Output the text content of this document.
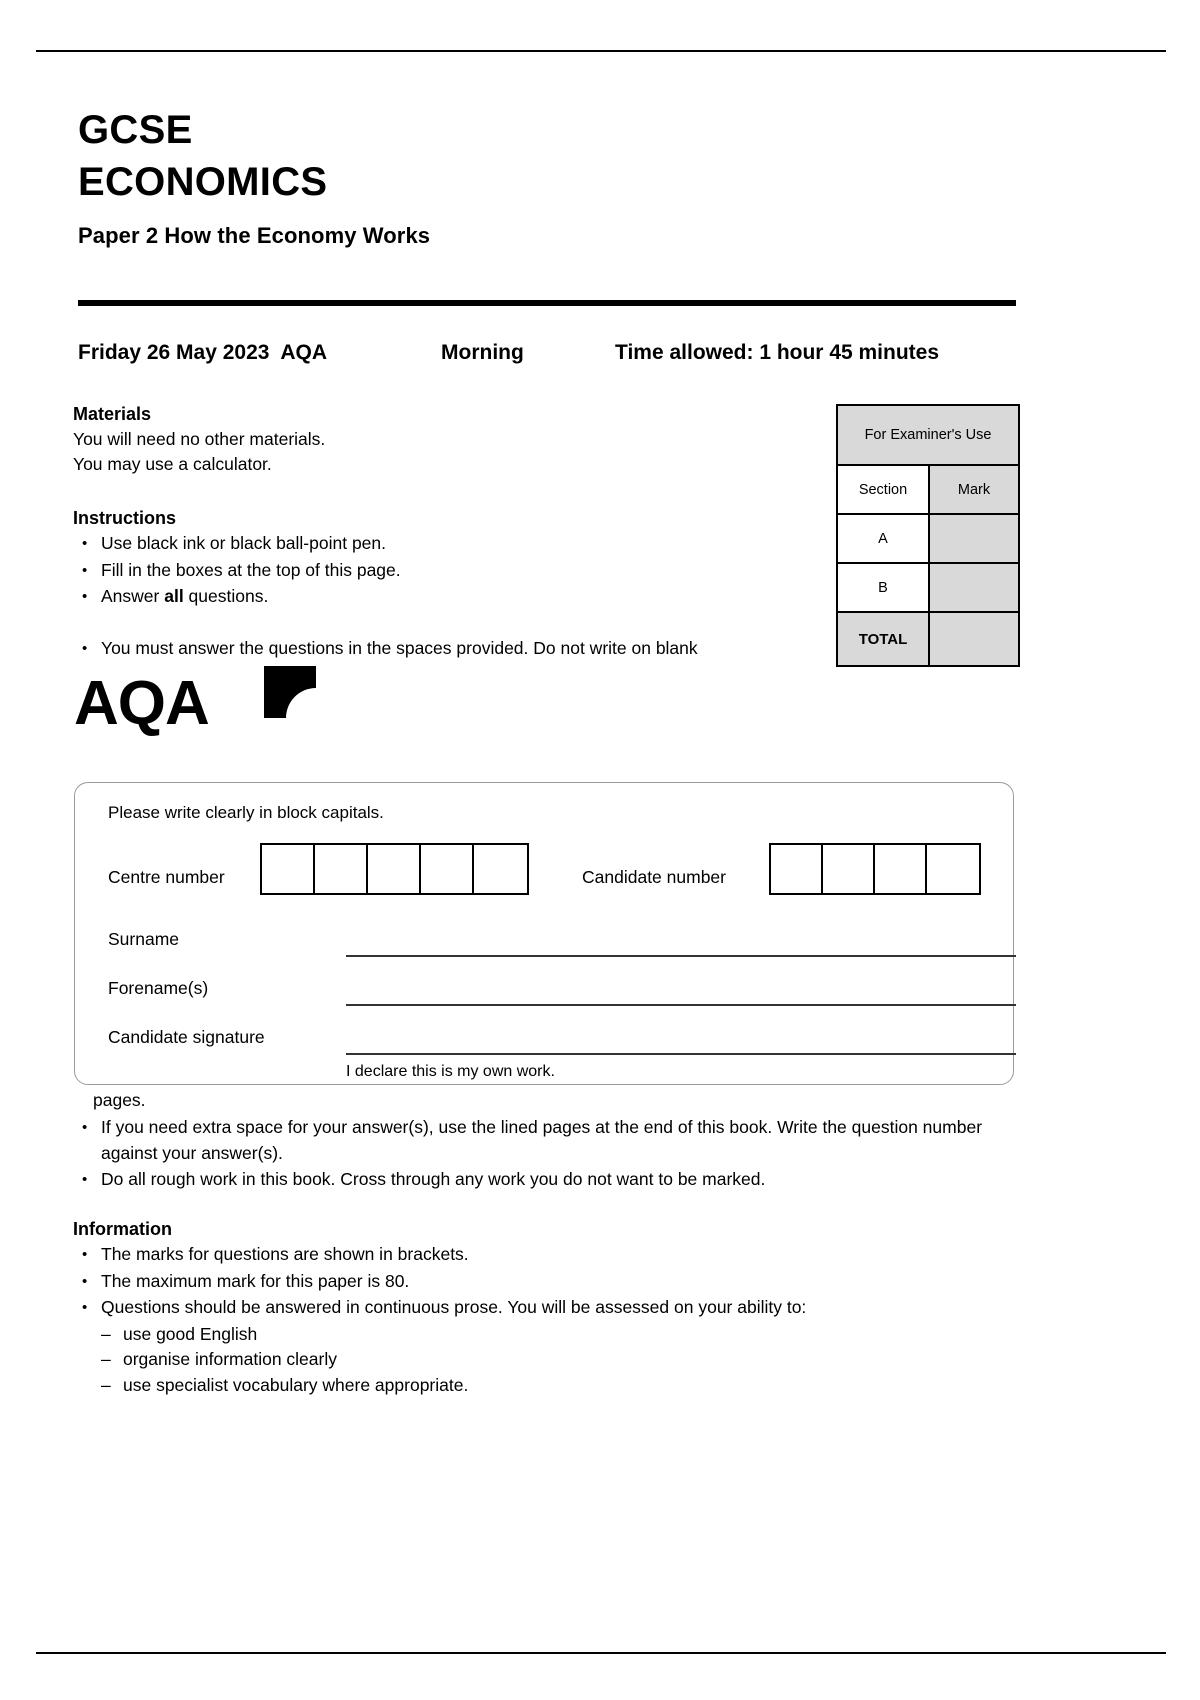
GCSE
ECONOMICS
Paper 2 How the Economy Works
Friday 26 May 2023  AQA	Morning	Time allowed: 1 hour 45 minutes
Materials
You will need no other materials.
You may use a calculator.
Instructions
• Use black ink or black ball-point pen.
• Fill in the boxes at the top of this page.
• Answer all questions.
• You must answer the questions in the spaces provided. Do not write on blank
For Examiner's Use
Section	Mark
A
B
TOTAL
AQA
Please write clearly in block capitals.
Centre number	Candidate number
Surname
Forename(s)
Candidate signature
I declare this is my own work.
pages.
• If you need extra space for your answer(s), use the lined pages at the end of this book. Write the question number against your answer(s).
• Do all rough work in this book. Cross through any work you do not want to be marked.
Information
• The marks for questions are shown in brackets.
• The maximum mark for this paper is 80.
• Questions should be answered in continuous prose. You will be assessed on your ability to:
– use good English
– organise information clearly
– use specialist vocabulary where appropriate.
